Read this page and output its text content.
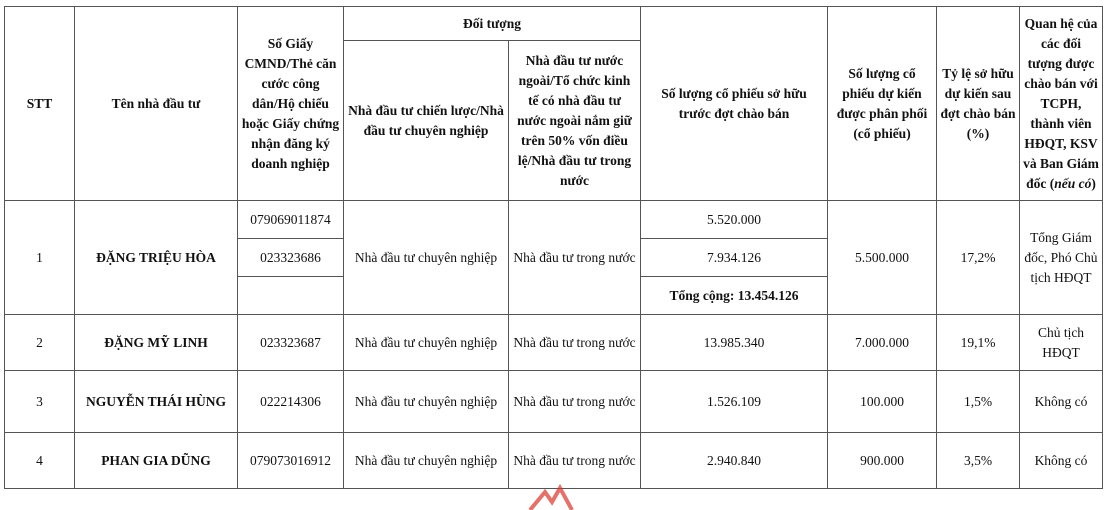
STT	Tên nhà đầu tư	Số Giấy CMND/Thẻ căn cước công dân/Hộ chiếu hoặc Giấy chứng nhận đăng ký doanh nghiệp	Đối tượng		Số lượng cổ phiếu sở hữu trước đợt chào bán	Số lượng cổ phiếu dự kiến được phân phối (cổ phiếu)	Tỷ lệ sở hữu dự kiến sau đợt chào bán (%)	Quan hệ của các đối tượng được chào bán với TCPH, thành viên HĐQT, KSV và Ban Giám đốc (nếu có)
			Nhà đầu tư chiến lược/Nhà đầu tư chuyên nghiệp	Nhà đầu tư nước ngoài/Tổ chức kinh tế có nhà đầu tư nước ngoài nắm giữ trên 50% vốn điều lệ/Nhà đầu tư trong nước				
1	ĐẶNG TRIỆU HÒA	079069011874	Nhà đầu tư chuyên nghiệp	Nhà đầu tư trong nước	5.520.000	5.500.000	17,2%	Tổng Giám đốc, Phó Chủ tịch HĐQT
		023323686			7.934.126			
					Tổng cộng: 13.454.126			
2	ĐẶNG MỸ LINH	023323687	Nhà đầu tư chuyên nghiệp	Nhà đầu tư trong nước	13.985.340	7.000.000	19,1%	Chủ tịch HĐQT
3	NGUYỄN THÁI HÙNG	022214306	Nhà đầu tư chuyên nghiệp	Nhà đầu tư trong nước	1.526.109	100.000	1,5%	Không có
4	PHAN GIA DŨNG	079073016912	Nhà đầu tư chuyên nghiệp	Nhà đầu tư trong nước	2.940.840	900.000	3,5%	Không có
